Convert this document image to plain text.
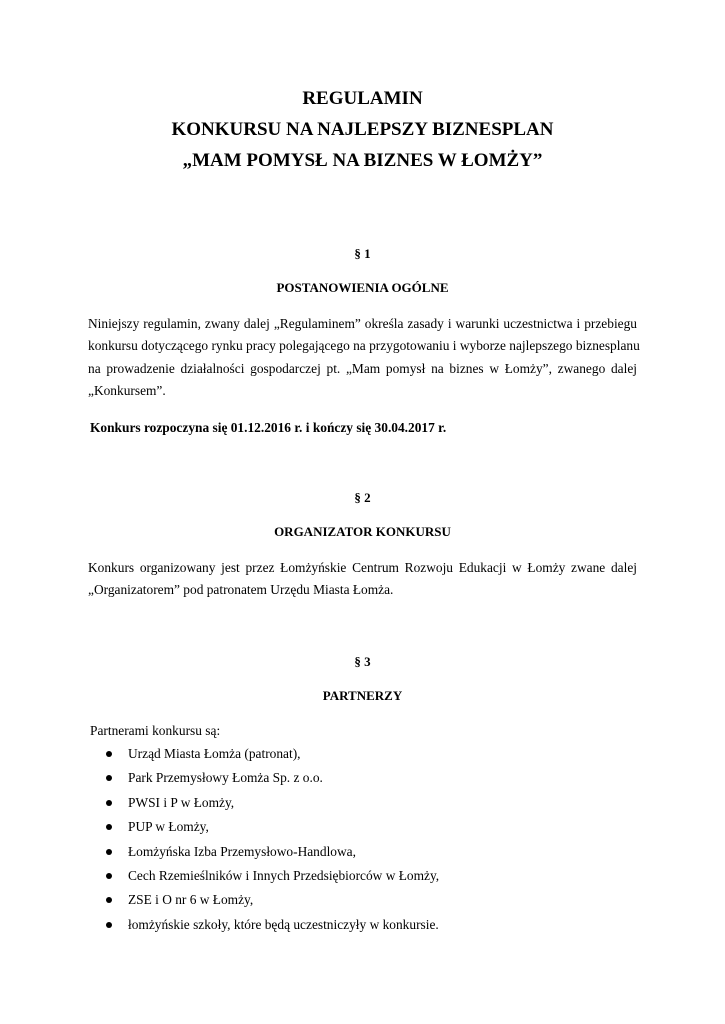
REGULAMIN
KONKURSU NA NAJLEPSZY BIZNESPLAN
„MAM POMYSŁ NA BIZNES W ŁOMŻY”
§ 1
POSTANOWIENIA OGÓLNE
Niniejszy regulamin, zwany dalej „Regulaminem” określa zasady i warunki uczestnictwa i przebiegu
konkursu dotyczącego rynku pracy polegającego na przygotowaniu i wyborze najlepszego biznesplanu
na prowadzenie działalności gospodarczej pt. „Mam pomysł na biznes w Łomży”, zwanego dalej
„Konkursem”.
Konkurs rozpoczyna się 01.12.2016 r. i kończy się 30.04.2017 r.
§ 2
ORGANIZATOR KONKURSU
Konkurs organizowany jest przez Łomżyńskie Centrum Rozwoju Edukacji w Łomży zwane dalej
„Organizatorem” pod patronatem Urzędu Miasta Łomża.
§ 3
PARTNERZY
Partnerami konkursu są:
Urząd Miasta Łomża (patronat),
Park Przemysłowy Łomża Sp. z o.o.
PWSI i P w Łomży,
PUP w Łomży,
Łomżyńska Izba Przemysłowo-Handlowa,
Cech Rzemieślników i Innych Przedsiębiorców w Łomży,
ZSE i O nr 6 w Łomży,
łomżyńskie szkoły, które będą uczestniczyły w konkursie.
